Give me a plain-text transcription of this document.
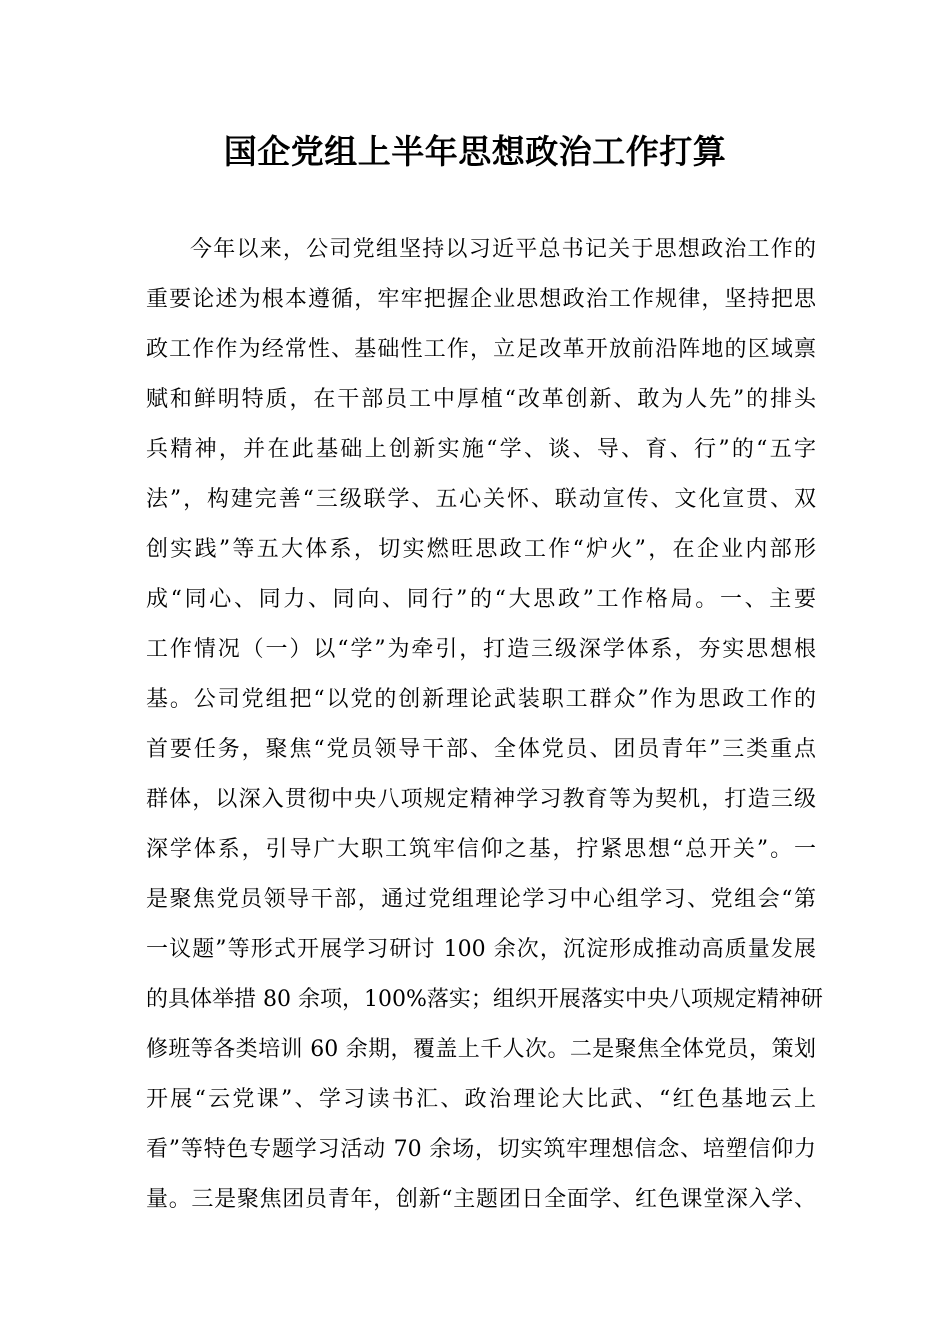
国企党组上半年思想政治工作打算
今年以来，公司党组坚持以习近平总书记关于思想政治工作的
重要论述为根本遵循，牢牢把握企业思想政治工作规律，坚持把思
政工作作为经常性、基础性工作，立足改革开放前沿阵地的区域禀
赋和鲜明特质，在干部员工中厚植“改革创新、敢为人先”的排头
兵精神，并在此基础上创新实施“学、谈、导、育、行”的“五字
法”，构建完善“三级联学、五心关怀、联动宣传、文化宣贯、双
创实践”等五大体系，切实燃旺思政工作“炉火”，在企业内部形
成“同心、同力、同向、同行”的“大思政”工作格局。一、主要
工作情况（一）以“学”为牵引，打造三级深学体系，夯实思想根
基。公司党组把“以党的创新理论武装职工群众”作为思政工作的
首要任务，聚焦“党员领导干部、全体党员、团员青年”三类重点
群体，以深入贯彻中央八项规定精神学习教育等为契机，打造三级
深学体系，引导广大职工筑牢信仰之基，拧紧思想“总开关”。一
是聚焦党员领导干部，通过党组理论学习中心组学习、党组会“第
一议题”等形式开展学习研讨 100 余次，沉淀形成推动高质量发展
的具体举措 80 余项，100%落实；组织开展落实中央八项规定精神研
修班等各类培训 60 余期，覆盖上千人次。二是聚焦全体党员，策划
开展“云党课”、学习读书汇、政治理论大比武、“红色基地云上
看”等特色专题学习活动 70 余场，切实筑牢理想信念、培塑信仰力
量。三是聚焦团员青年，创新“主题团日全面学、红色课堂深入学、
